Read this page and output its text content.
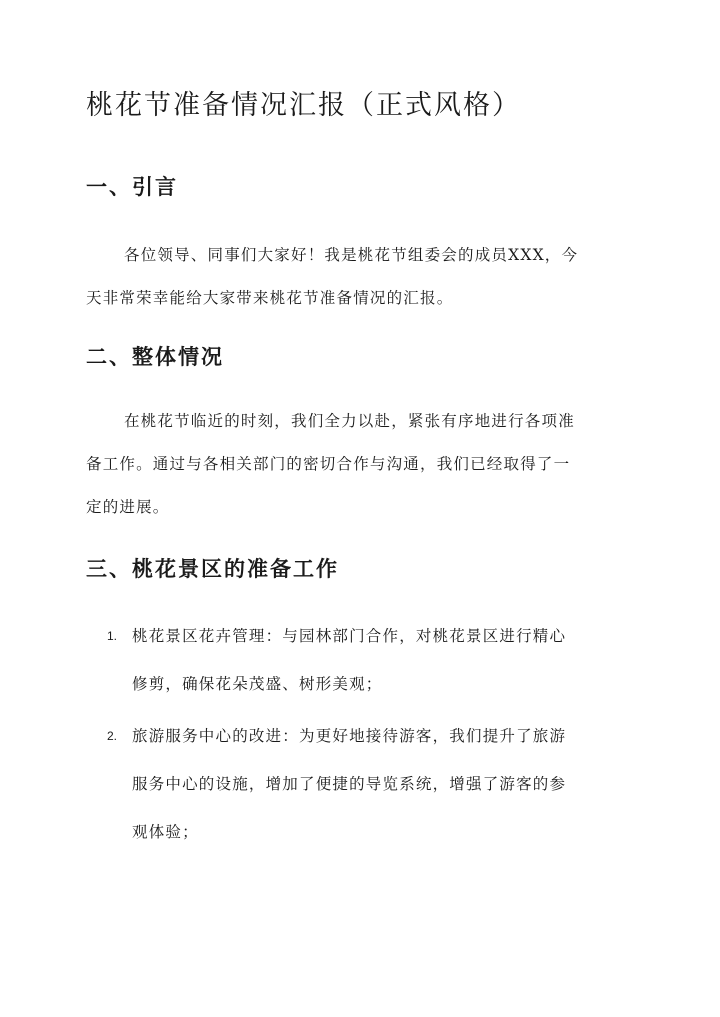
桃花节准备情况汇报（正式风格）
一、引言

各位领导、同事们大家好！我是桃花节组委会的成员XXX，今
天非常荣幸能给大家带来桃花节准备情况的汇报。

二、整体情况

在桃花节临近的时刻，我们全力以赴，紧张有序地进行各项准
备工作。通过与各相关部门的密切合作与沟通，我们已经取得了一
定的进展。

三、桃花景区的准备工作
1. 桃花景区花卉管理：与园林部门合作，对桃花景区进行精心
修剪，确保花朵茂盛、树形美观；
2. 旅游服务中心的改进：为更好地接待游客，我们提升了旅游
服务中心的设施，增加了便捷的导览系统，增强了游客的参
观体验；
